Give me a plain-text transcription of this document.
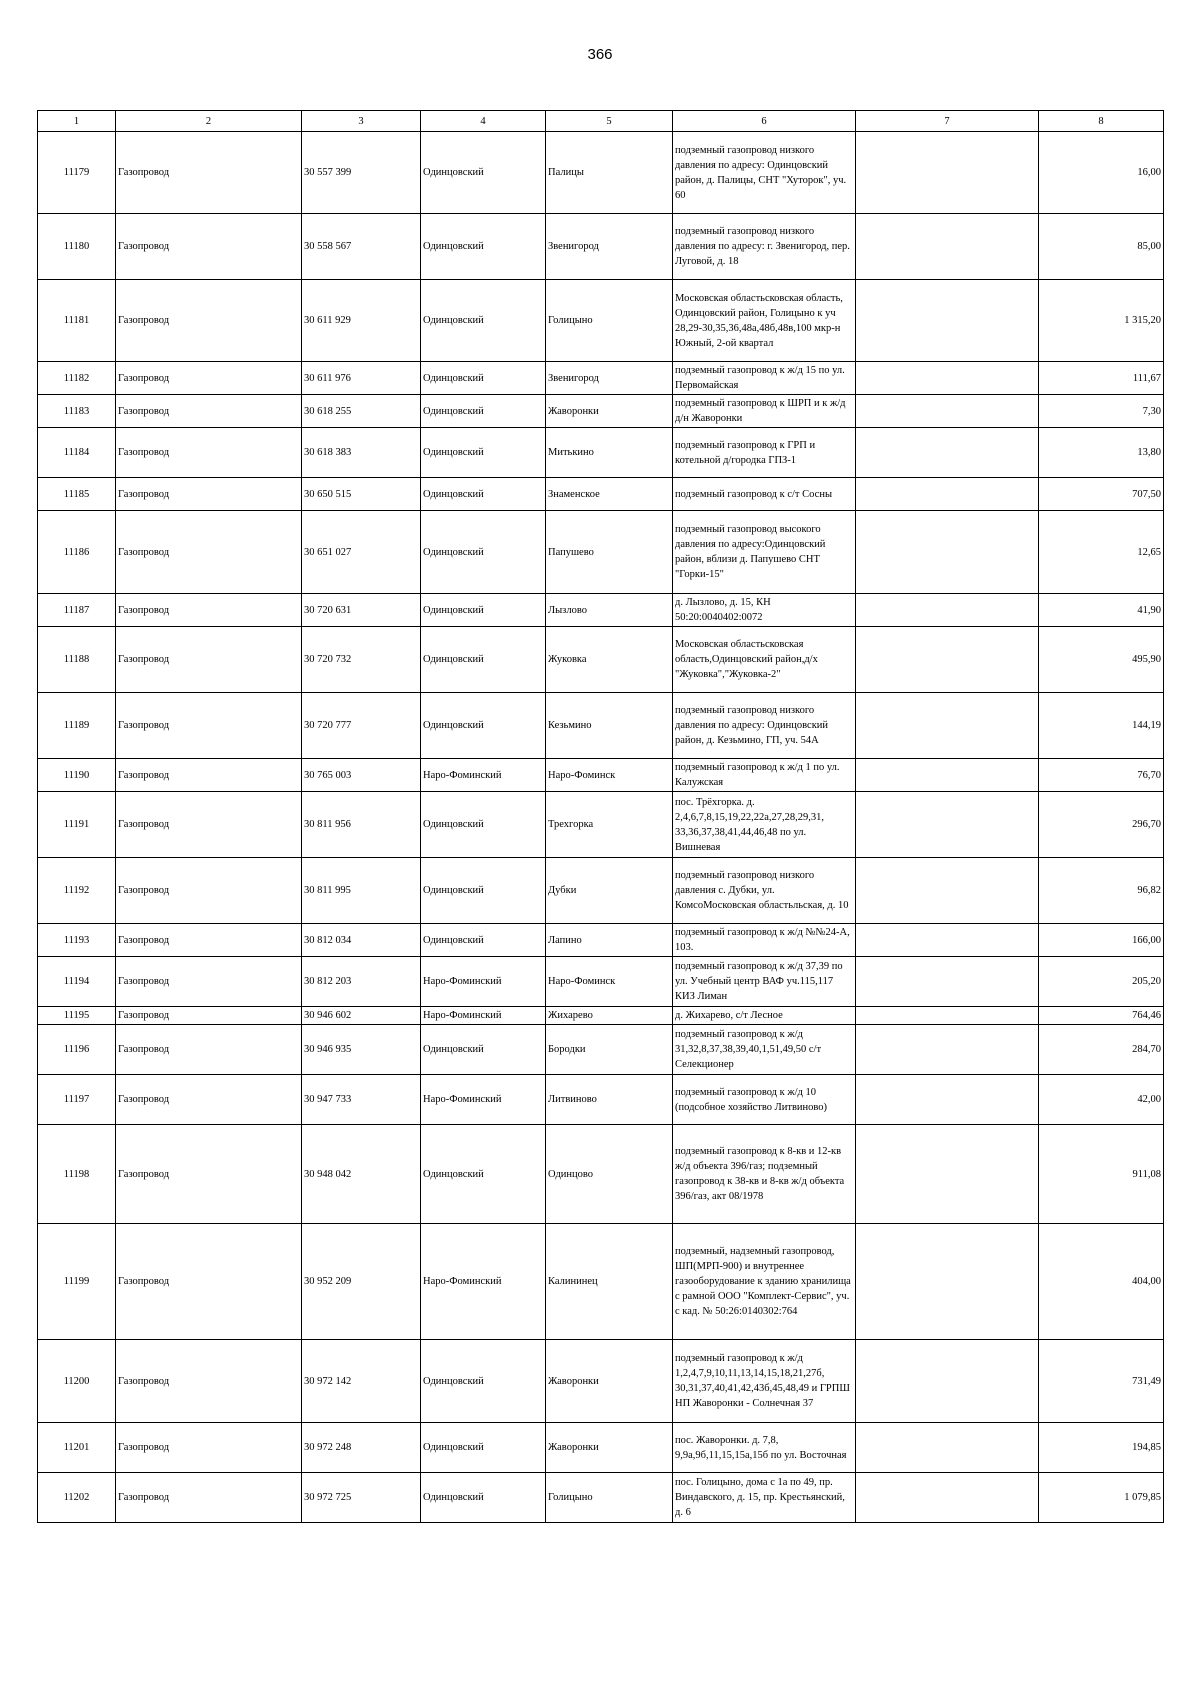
366
1	2	3	4	5	6	7	8
11179	Газопровод	30 557 399	Одинцовский	Палицы	подземный газопровод низкого давления по адресу: Одинцовский район, д. Палицы, СНТ "Хуторок", уч. 60		16,00
11180	Газопровод	30 558 567	Одинцовский	Звенигород	подземный газопровод низкого давления по адресу: г. Звенигород, пер. Луговой, д. 18		85,00
11181	Газопровод	30 611 929	Одинцовский	Голицыно	Московская областьсковская область, Одинцовский район, Голицыно к уч 28,29-30,35,36,48а,48б,48в,100 мкр-н Южный, 2-ой квартал		1 315,20
11182	Газопровод	30 611 976	Одинцовский	Звенигород	подземный газопровод к ж/д 15 по ул. Первомайская		111,67
11183	Газопровод	30 618 255	Одинцовский	Жаворонки	подземный газопровод к ШРП и к ж/д д/н Жаворонки		7,30
11184	Газопровод	30 618 383	Одинцовский	Митькино	подземный газопровод к ГРП и котельной д/городка ГПЗ-1		13,80
11185	Газопровод	30 650 515	Одинцовский	Знаменское	подземный газопровод к с/т Сосны		707,50
11186	Газопровод	30 651 027	Одинцовский	Папушево	подземный газопровод высокого давления по адресу:Одинцовский район, вблизи д. Папушево СНТ "Горки-15"		12,65
11187	Газопровод	30 720 631	Одинцовский	Лызлово	д. Лызлово, д. 15, КН 50:20:0040402:0072		41,90
11188	Газопровод	30 720 732	Одинцовский	Жуковка	Московская областьсковская область,Одинцовский район,д/х "Жуковка","Жуковка-2"		495,90
11189	Газопровод	30 720 777	Одинцовский	Кезьмино	подземный газопровод низкого давления по адресу: Одинцовский район, д. Кезьмино, ГП, уч. 54А		144,19
11190	Газопровод	30 765 003	Наро-Фоминский	Наро-Фоминск	подземный газопровод к ж/д 1 по ул. Калужская		76,70
11191	Газопровод	30 811 956	Одинцовский	Трехгорка	пос. Трёхгорка. д. 2,4,6,7,8,15,19,22,22а,27,28,29,31, 33,36,37,38,41,44,46,48 по ул. Вишневая		296,70
11192	Газопровод	30 811 995	Одинцовский	Дубки	подземный газопровод низкого давления с. Дубки, ул. КомсоМосковская областьльская, д. 10		96,82
11193	Газопровод	30 812 034	Одинцовский	Лапино	подземный газопровод к ж/д №№24-А, 103.		166,00
11194	Газопровод	30 812 203	Наро-Фоминский	Наро-Фоминск	подземный газопровод к ж/д 37,39 по ул. Учебный центр ВАФ уч.115,117 КИЗ Лиман		205,20
11195	Газопровод	30 946 602	Наро-Фоминский	Жихарево	д. Жихарево, с/т Лесное		764,46
11196	Газопровод	30 946 935	Одинцовский	Бородки	подземный газопровод к ж/д 31,32,8,37,38,39,40,1,51,49,50 с/т Селекционер		284,70
11197	Газопровод	30 947 733	Наро-Фоминский	Литвиново	подземный газопровод к ж/д 10 (подсобное хозяйство Литвиново)		42,00
11198	Газопровод	30 948 042	Одинцовский	Одинцово	подземный газопровод к 8-кв и 12-кв ж/д объекта 396/газ; подземный газопровод к 38-кв и 8-кв ж/д объекта 396/газ, акт 08/1978		911,08
11199	Газопровод	30 952 209	Наро-Фоминский	Калининец	подземный, надземный газопровод, ШП(МРП-900) и внутреннее газооборудование к зданию хранилища с рамной ООО "Комплект-Сервис", уч. с кад. № 50:26:0140302:764		404,00
11200	Газопровод	30 972 142	Одинцовский	Жаворонки	подземный газопровод к ж/д 1,2,4,7,9,10,11,13,14,15,18,21,27б, 30,31,37,40,41,42,43б,45,48,49 и ГРПШ НП Жаворонки - Солнечная 37		731,49
11201	Газопровод	30 972 248	Одинцовский	Жаворонки	пос. Жаворонки. д. 7,8, 9,9а,9б,11,15,15а,15б по ул. Восточная		194,85
11202	Газопровод	30 972 725	Одинцовский	Голицыно	пос. Голицыно, дома с 1а по 49, пр. Виндавского, д. 15, пр. Крестьянский, д. 6		1 079,85
